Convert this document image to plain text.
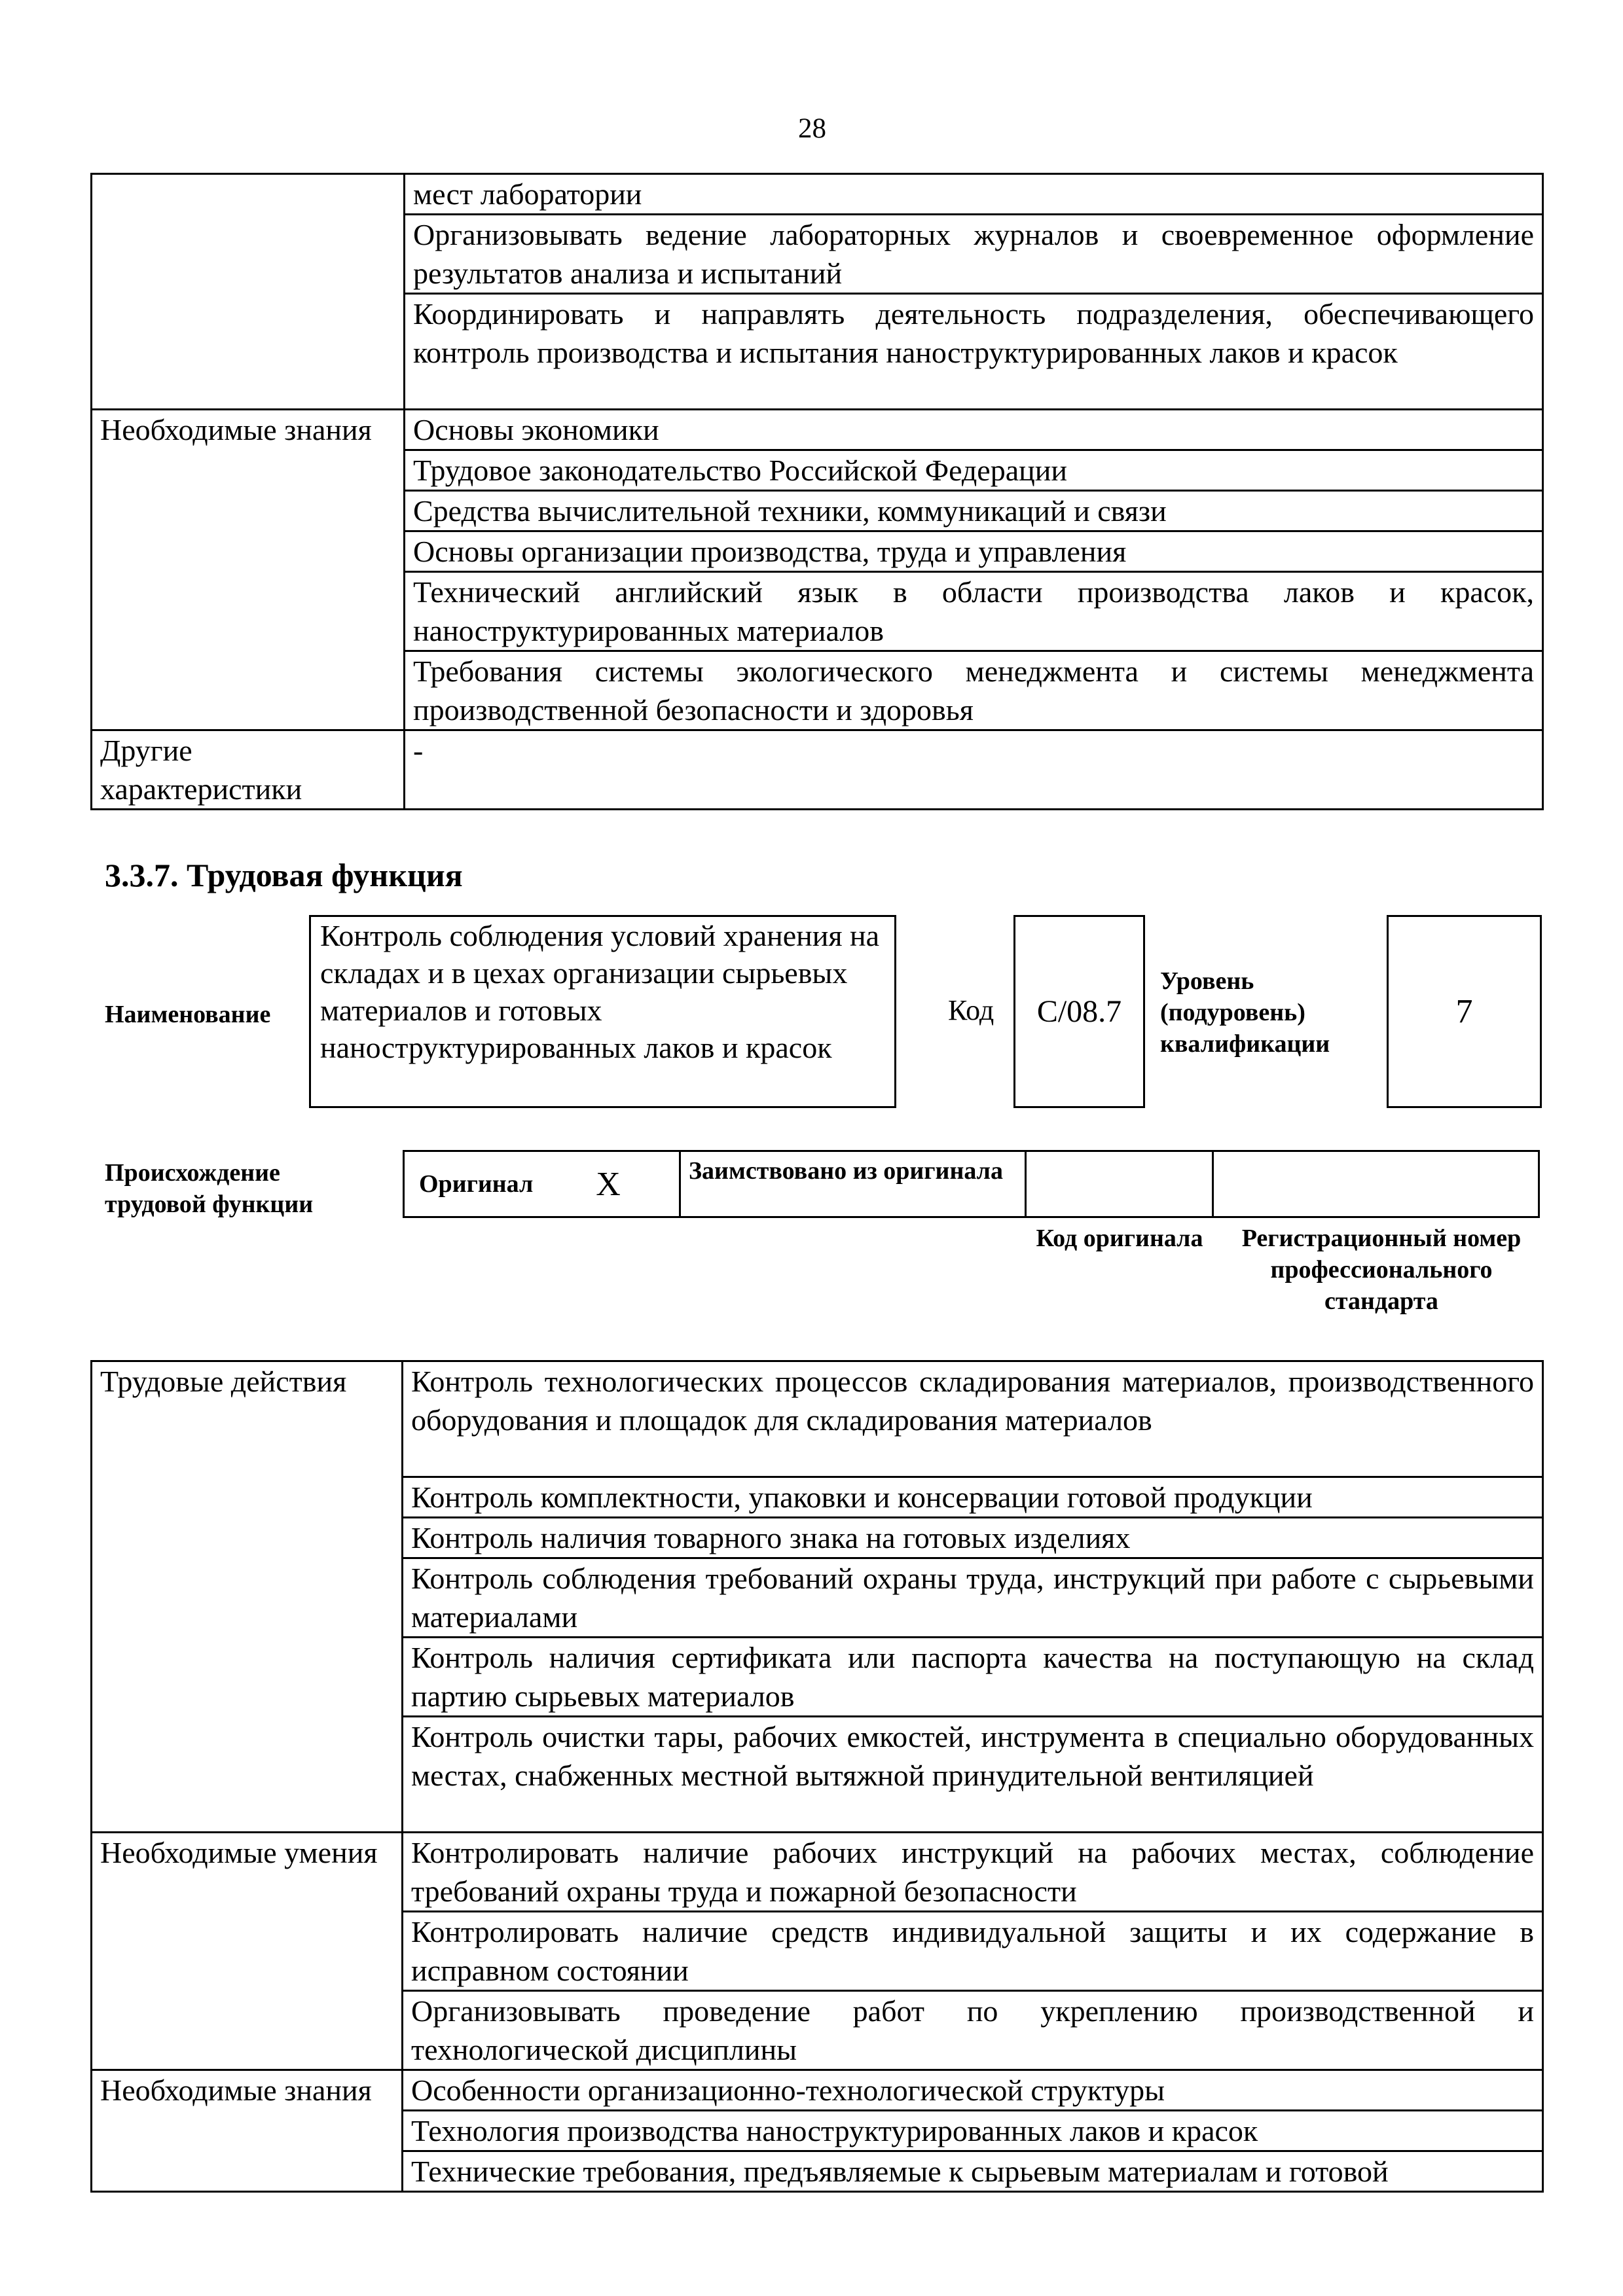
28
	мест лаборатории
	Организовывать ведение лабораторных журналов и своевременное оформление результатов анализа и испытаний
	Координировать и направлять деятельность подразделения, обеспечивающего контроль производства и испытания наноструктурированных лаков и красок
Необходимые знания	Основы экономики
	Трудовое законодательство Российской Федерации
	Средства вычислительной техники, коммуникаций и связи
	Основы организации производства, труда и управления
	Технический английский язык в области производства лаков и красок, наноструктурированных материалов
	Требования системы экологического менеджмента и системы менеджмента производственной безопасности и здоровья
Другие характеристики	-
3.3.7. Трудовая функция
Наименование
Контроль соблюдения условий хранения на складах и в цехах организации сырьевых материалов и готовых наноструктурированных лаков и красок
Код	С/08.7
Уровень (подуровень) квалификации
7
Происхождение трудовой функции
Оригинал X	Заимствовано из оригинала
Код оригинала	Регистрационный номер профессионального стандарта
Трудовые действия	Контроль технологических процессов складирования материалов, производственного оборудования и площадок для складирования материалов
	Контроль комплектности, упаковки и консервации готовой продукции
	Контроль наличия товарного знака на готовых изделиях
	Контроль соблюдения требований охраны труда, инструкций при работе с сырьевыми материалами
	Контроль наличия сертификата или паспорта качества на поступающую на склад партию сырьевых материалов
	Контроль очистки тары, рабочих емкостей, инструмента в специально оборудованных местах, снабженных местной вытяжной принудительной вентиляцией
Необходимые умения	Контролировать наличие рабочих инструкций на рабочих местах, соблюдение требований охраны труда и пожарной безопасности
	Контролировать наличие средств индивидуальной защиты и их содержание в исправном состоянии
	Организовывать проведение работ по укреплению производственной и технологической дисциплины
Необходимые знания	Особенности организационно-технологической структуры
	Технология производства наноструктурированных лаков и красок
	Технические требования, предъявляемые к сырьевым материалам и готовой
